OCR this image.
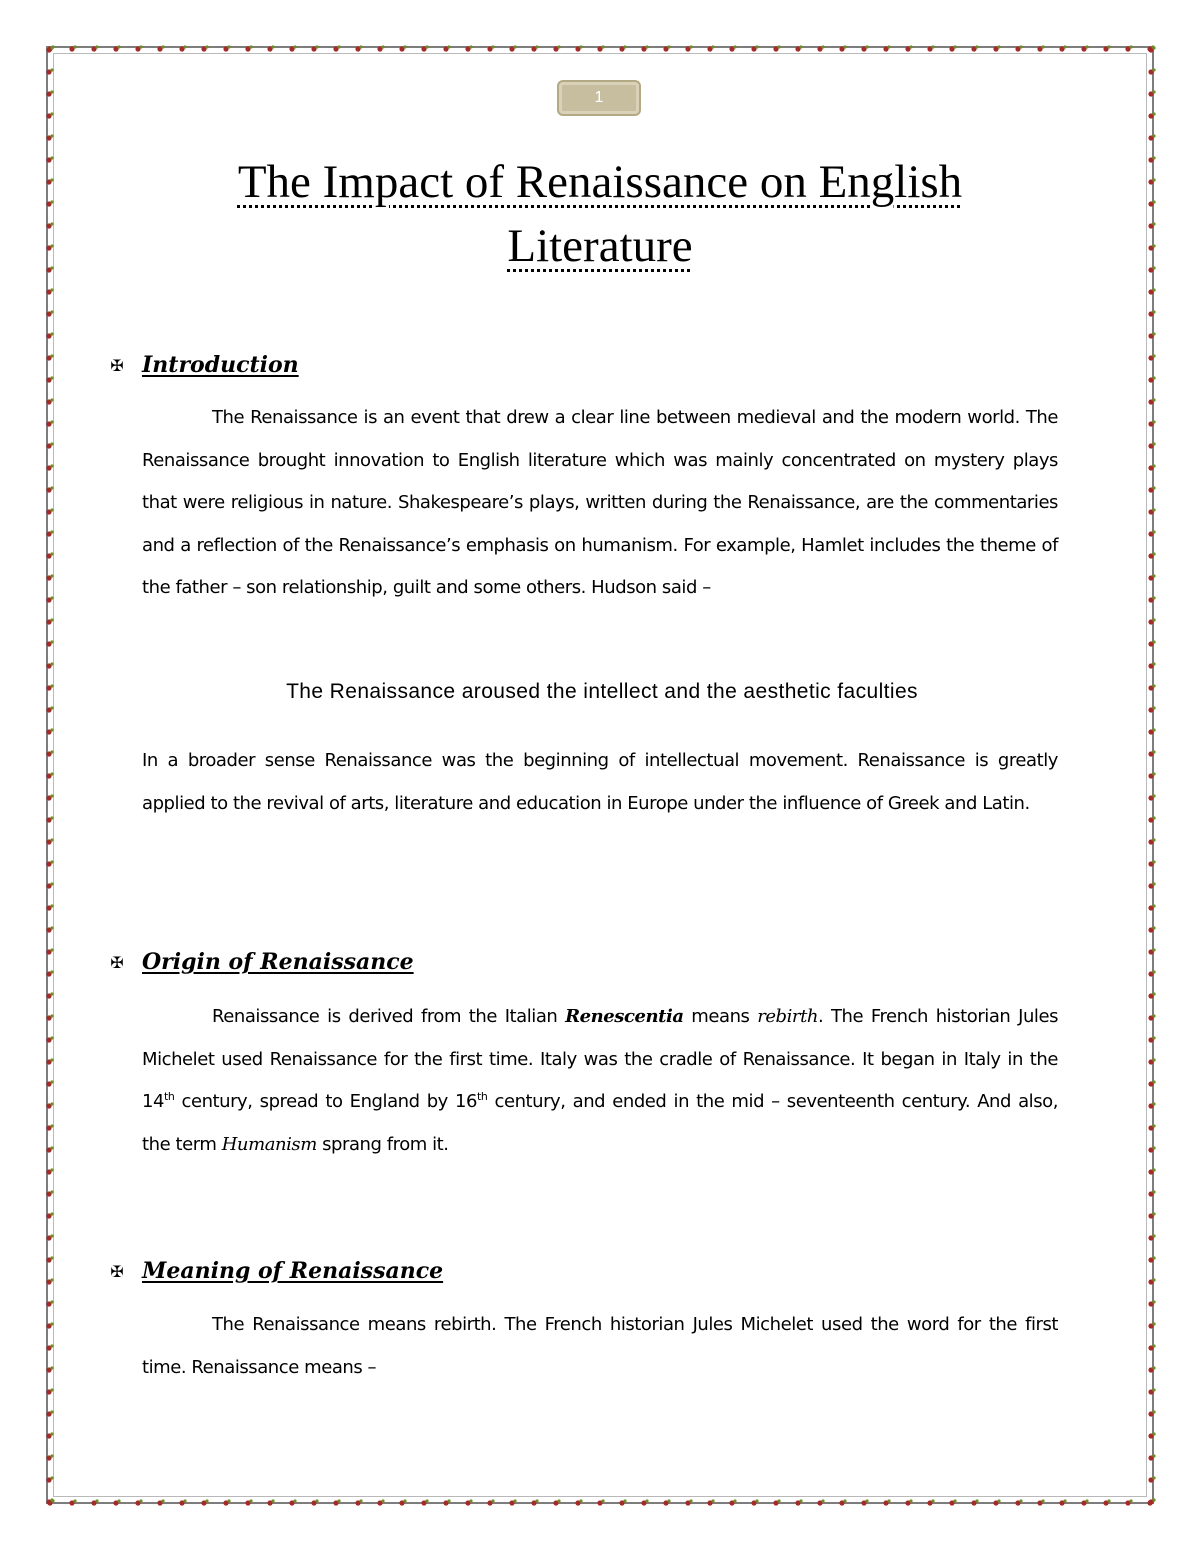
1
The Impact of Renaissance on English Literature
✠ Introduction

The Renaissance is an event that drew a clear line between medieval and the modern world. The Renaissance brought innovation to English literature which was mainly concentrated on mystery plays that were religious in nature. Shakespeare’s plays, written during the Renaissance, are the commentaries and a reflection of the Renaissance’s emphasis on humanism. For example, Hamlet includes the theme of the father – son relationship, guilt and some others. Hudson said –

The Renaissance aroused the intellect and the aesthetic faculties

In a broader sense Renaissance was the beginning of intellectual movement. Renaissance is greatly applied to the revival of arts, literature and education in Europe under the influence of Greek and Latin.

✠ Origin of Renaissance

Renaissance is derived from the Italian Renescentia means rebirth. The French historian Jules Michelet used Renaissance for the first time. Italy was the cradle of Renaissance. It began in Italy in the 14th century, spread to England by 16th century, and ended in the mid – seventeenth century. And also, the term Humanism sprang from it.

✠ Meaning of Renaissance

The Renaissance means rebirth. The French historian Jules Michelet used the word for the first time. Renaissance means –
